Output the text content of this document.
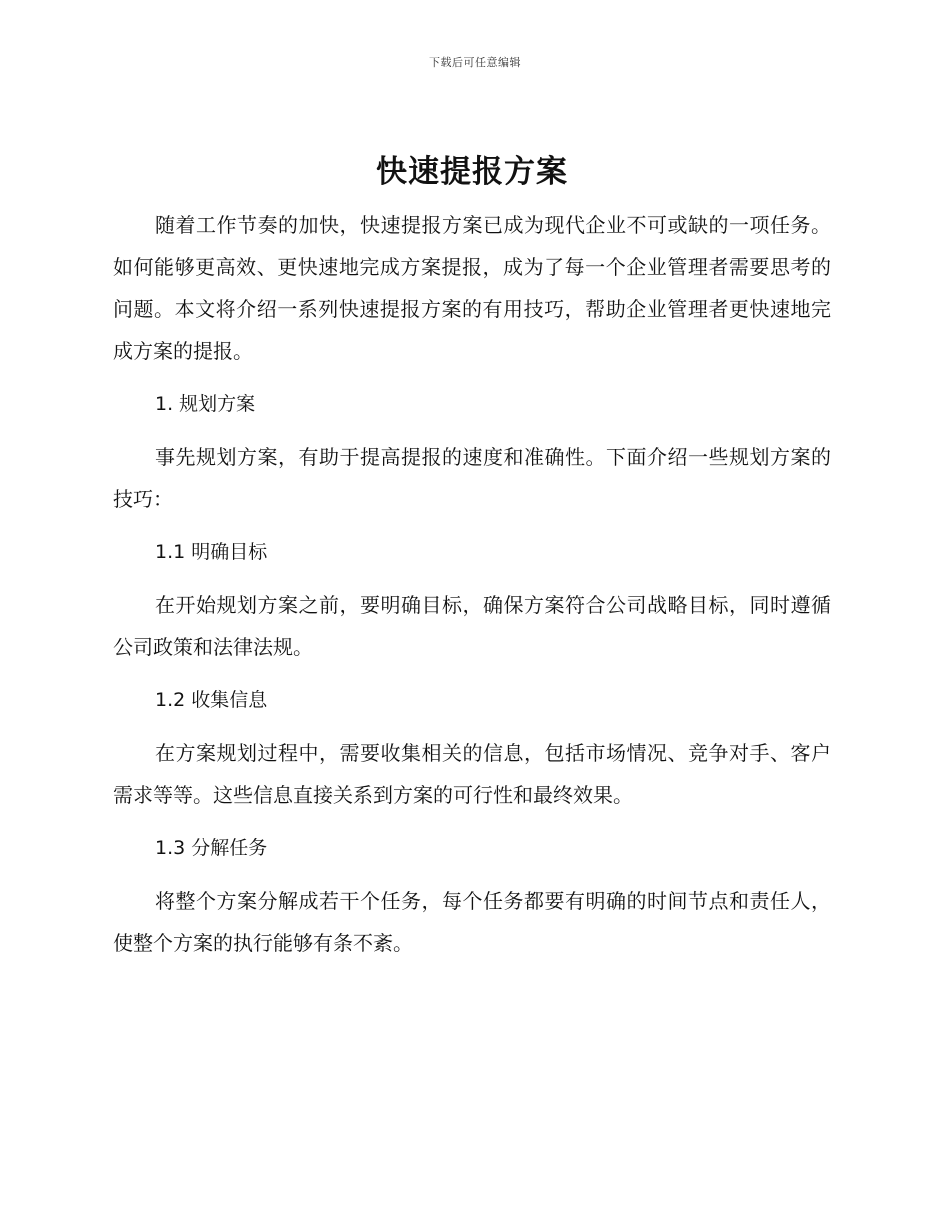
下载后可任意编辑
快速提报方案

随着工作节奏的加快，快速提报方案已成为现代企业不可或缺的一项任务。如何能够更高效、更快速地完成方案提报，成为了每一个企业管理者需要思考的问题。本文将介绍一系列快速提报方案的有用技巧，帮助企业管理者更快速地完成方案的提报。

1. 规划方案

事先规划方案，有助于提高提报的速度和准确性。下面介绍一些规划方案的技巧：

1.1 明确目标

在开始规划方案之前，要明确目标，确保方案符合公司战略目标，同时遵循公司政策和法律法规。

1.2 收集信息

在方案规划过程中，需要收集相关的信息，包括市场情况、竞争对手、客户需求等等。这些信息直接关系到方案的可行性和最终效果。

1.3 分解任务

将整个方案分解成若干个任务，每个任务都要有明确的时间节点和责任人，使整个方案的执行能够有条不紊。
